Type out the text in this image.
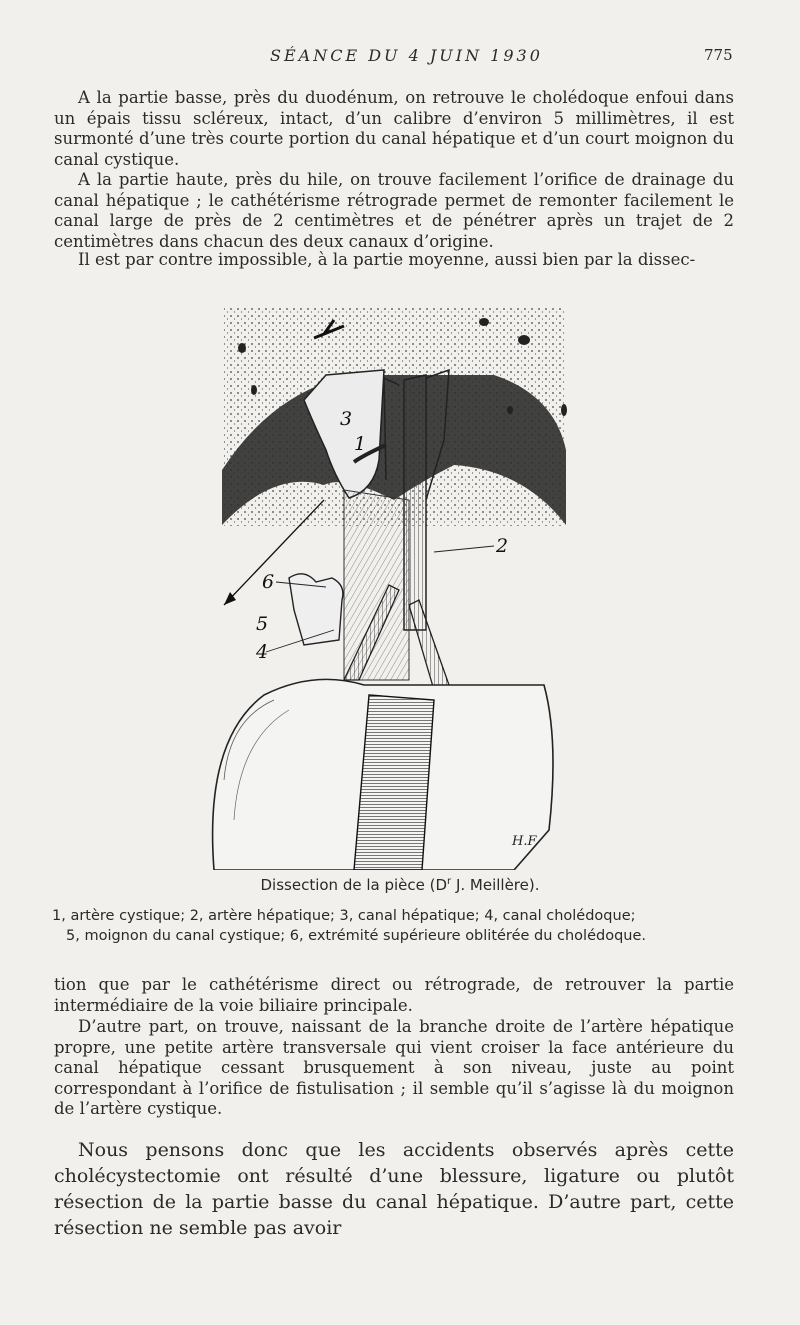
SÉANCE DU 4 JUIN 1930	775

A la partie basse, près du duodénum, on retrouve le cholédoque enfoui dans un épais tissu scléreux, intact, d’un calibre d’environ 5 millimètres, il est surmonté d’une très courte portion du canal hépatique et d’un court moignon du canal cystique.

A la partie haute, près du hile, on trouve facilement l’orifice de drainage du canal hépatique ; le cathétérisme rétrograde permet de remonter facilement le canal large de près de 2 centimètres et de pénétrer après un trajet de 2 centimètres dans chacun des deux canaux d’origine.

Il est par contre impossible, à la partie moyenne, aussi bien par la dissec-

3
1
2
6
5
4
H.F.
Dissection de la pièce ($D^r$ J. Meillère).

1, artère cystique; 2, artère hépatique; 3, canal hépatique; 4, canal cholédoque;
5, moignon du canal cystique; 6, extrémité supérieure oblitérée du cholédoque.

tion que par le cathétérisme direct ou rétrograde, de retrouver la partie intermédiaire de la voie biliaire principale.

D’autre part, on trouve, naissant de la branche droite de l’artère hépatique propre, une petite artère transversale qui vient croiser la face antérieure du canal hépatique cessant brusquement à son niveau, juste au point correspondant à l’orifice de fistulisation ; il semble qu’il s’agisse là du moignon de l’artère cystique.

Nous pensons donc que les accidents observés après cette cholécystectomie ont résulté d’une blessure, ligature ou plutôt résection de la partie basse du canal hépatique. D’autre part, cette résection ne semble pas avoir
